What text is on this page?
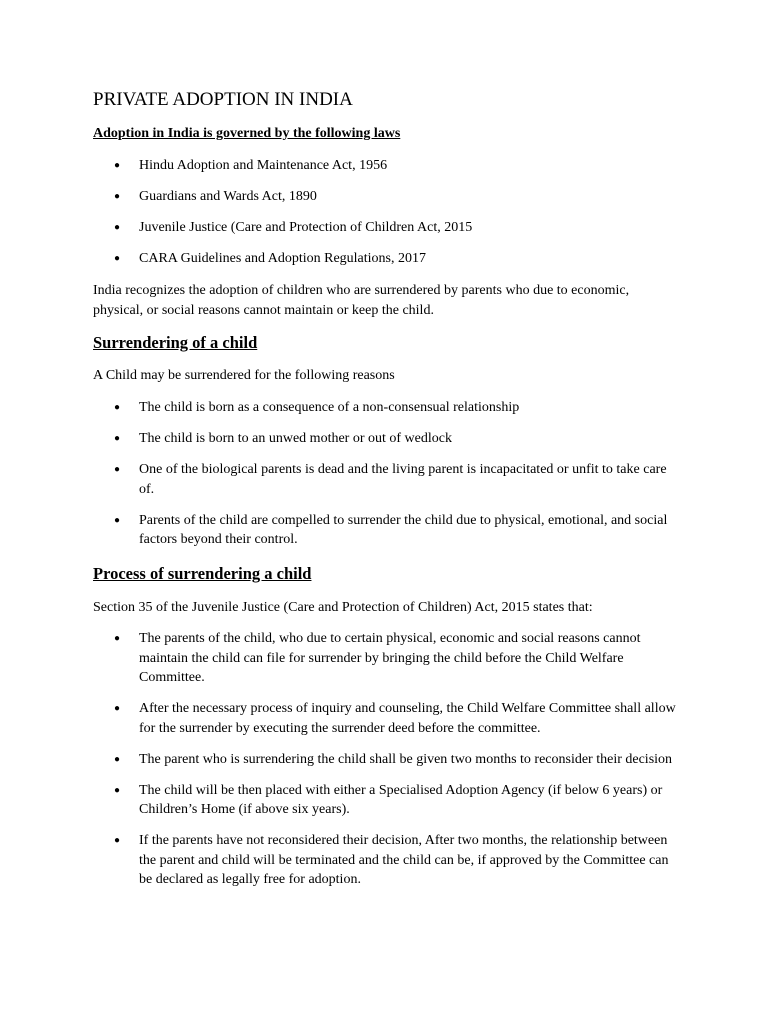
PRIVATE ADOPTION IN INDIA

Adoption in India is governed by the following laws

● Hindu Adoption and Maintenance Act, 1956
● Guardians and Wards Act, 1890
● Juvenile Justice (Care and Protection of Children Act, 2015
● CARA Guidelines and Adoption Regulations, 2017

India recognizes the adoption of children who are surrendered by parents who due to economic, physical, or social reasons cannot maintain or keep the child.

Surrendering of a child

A Child may be surrendered for the following reasons

● The child is born as a consequence of a non-consensual relationship
● The child is born to an unwed mother or out of wedlock
● One of the biological parents is dead and the living parent is incapacitated or unfit to take care of.
● Parents of the child are compelled to surrender the child due to physical, emotional, and social factors beyond their control.
Process of surrendering a child

Section 35 of the Juvenile Justice (Care and Protection of Children) Act, 2015 states that:

● The parents of the child, who due to certain physical, economic and social reasons cannot maintain the child can file for surrender by bringing the child before the Child Welfare Committee.
● After the necessary process of inquiry and counseling, the Child Welfare Committee shall allow for the surrender by executing the surrender deed before the committee.
● The parent who is surrendering the child shall be given two months to reconsider their decision
● The child will be then placed with either a Specialised Adoption Agency (if below 6 years) or Children’s Home (if above six years).
● If the parents have not reconsidered their decision, After two months, the relationship between the parent and child will be terminated and the child can be, if approved by the Committee can be declared as legally free for adoption.
